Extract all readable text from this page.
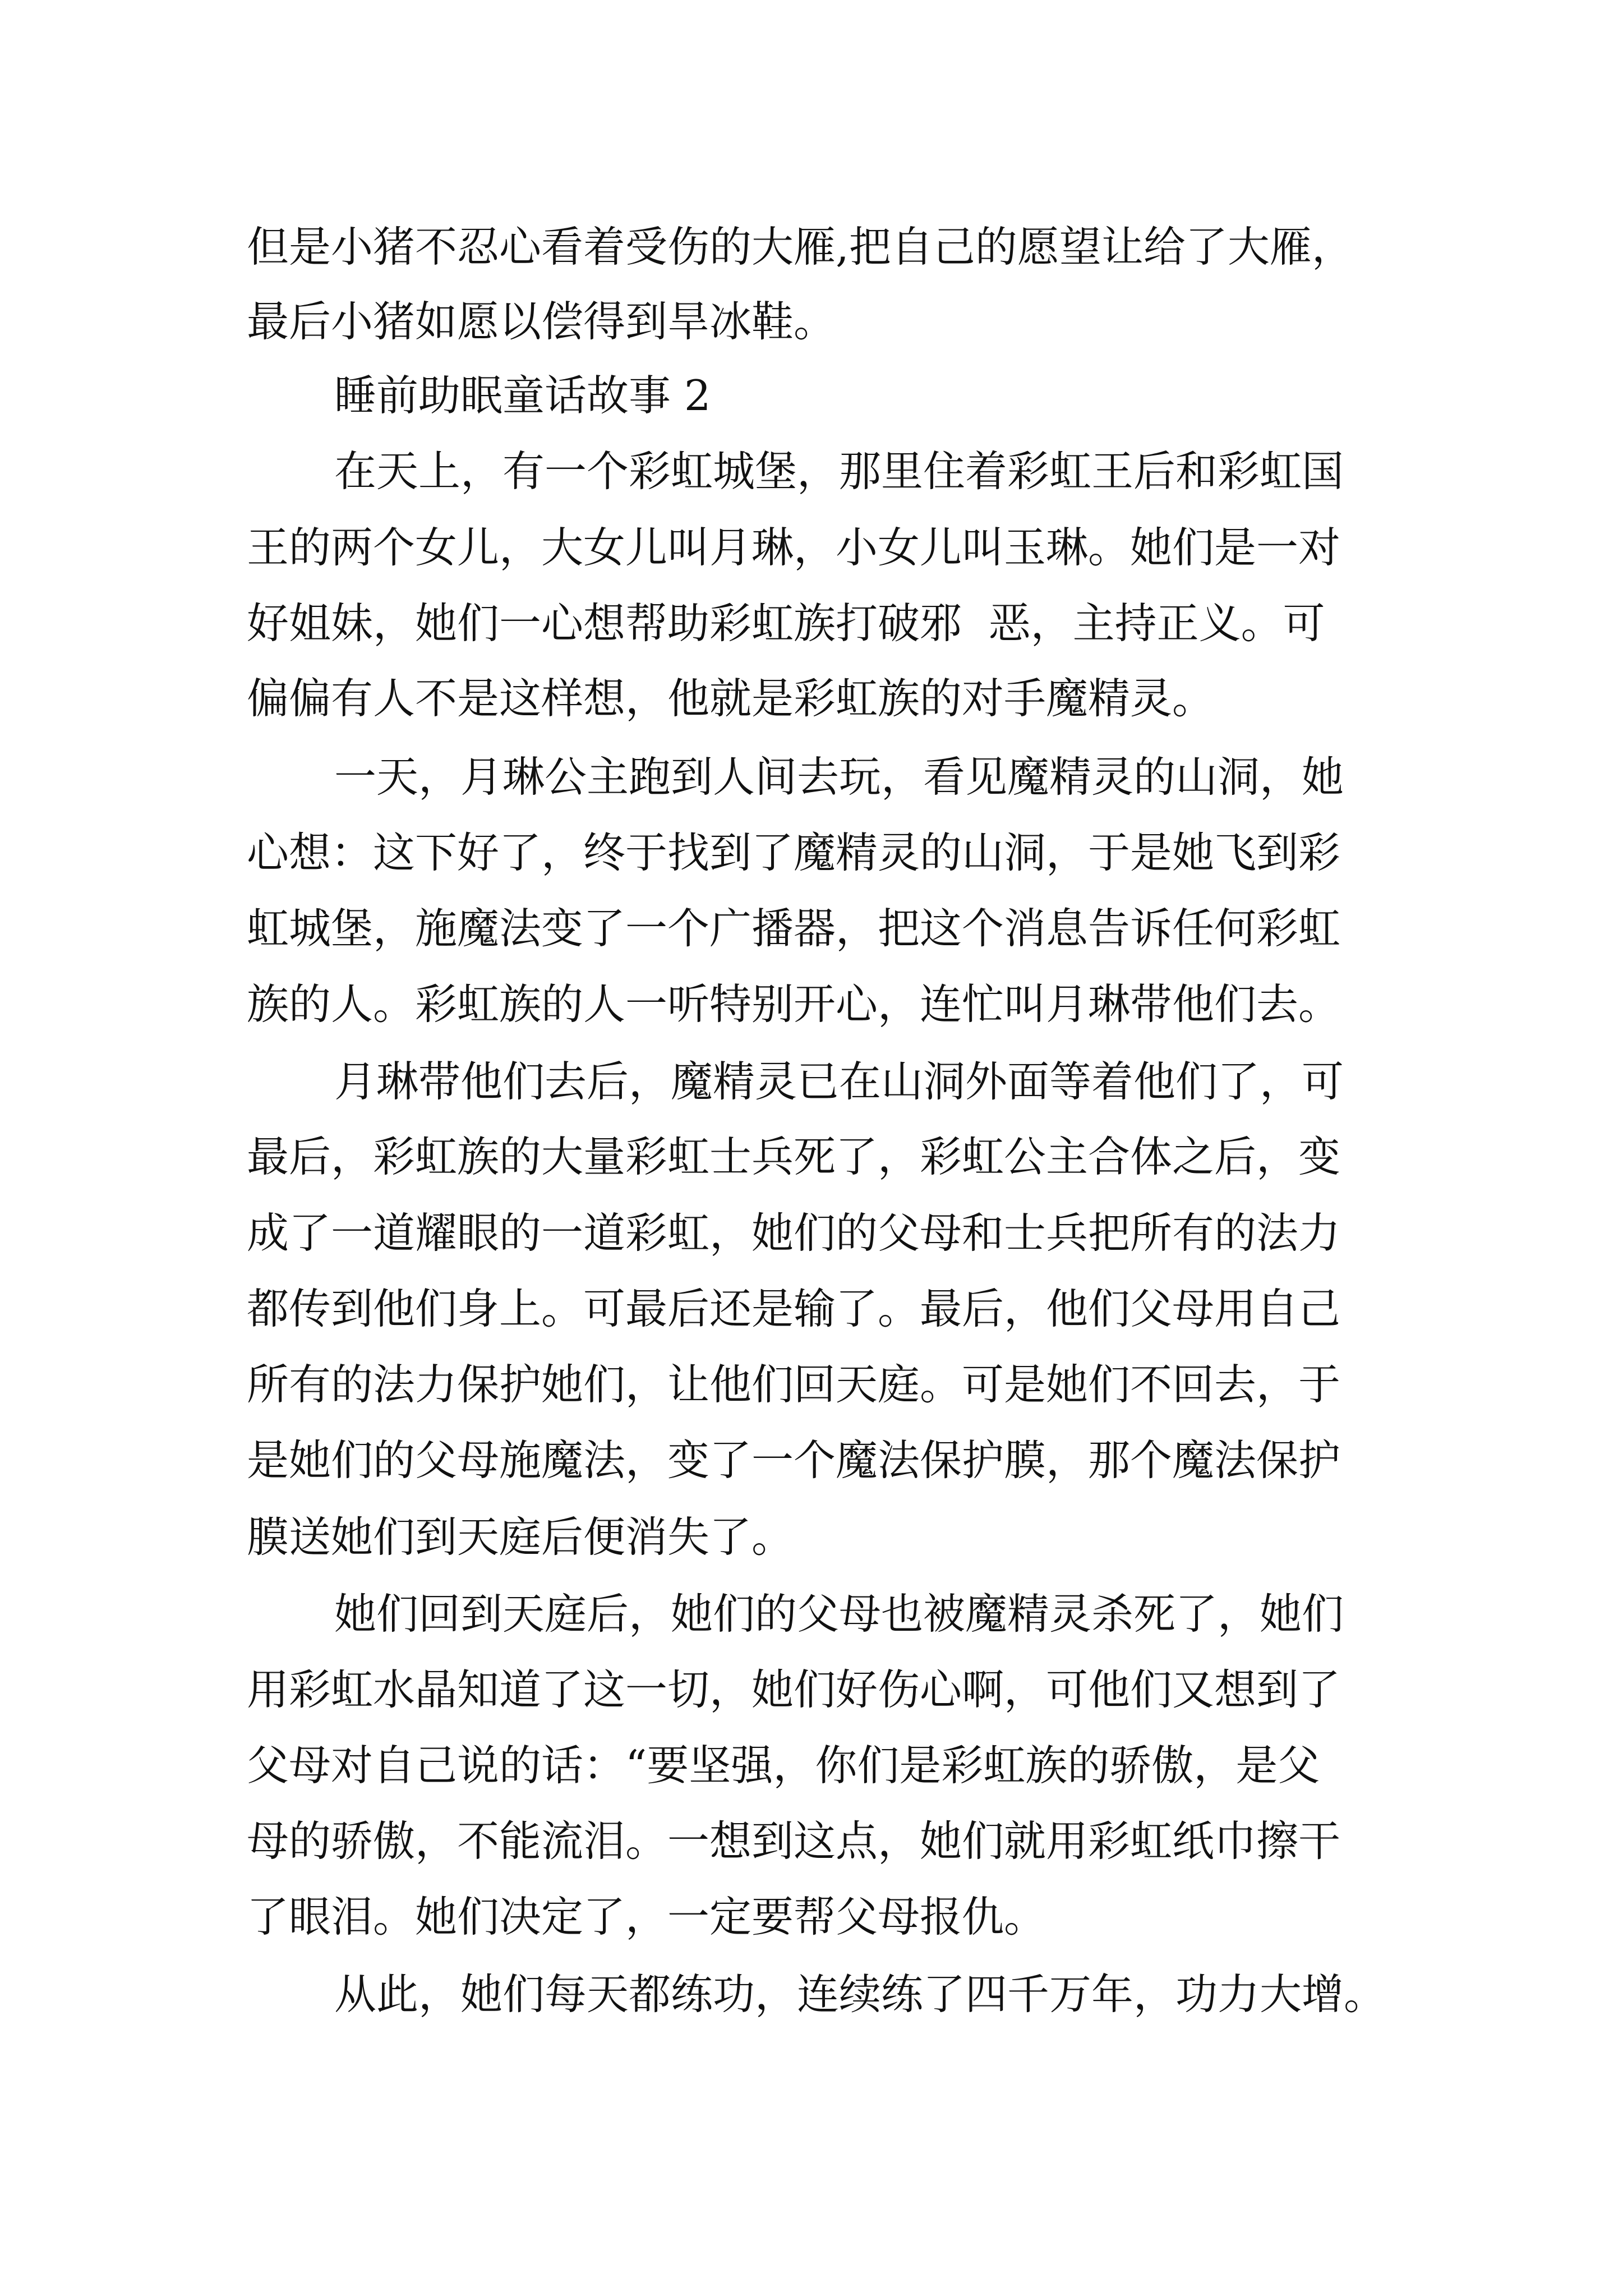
但是小猪不忍心看着受伤的大雁,把自己的愿望让给了大雁，

最后小猪如愿以偿得到旱冰鞋。

睡前助眠童话故事 2

在天上，有一个彩虹城堡，那里住着彩虹王后和彩虹国

王的两个女儿，大女儿叫月琳，小女儿叫玉琳。她们是一对

好姐妹，她们一心想帮助彩虹族打破邪  恶，主持正义。可

偏偏有人不是这样想，他就是彩虹族的对手魔精灵。

一天，月琳公主跑到人间去玩，看见魔精灵的山洞，她

心想：这下好了，终于找到了魔精灵的山洞，于是她飞到彩

虹城堡，施魔法变了一个广播器，把这个消息告诉任何彩虹

族的人。彩虹族的人一听特别开心，连忙叫月琳带他们去。

月琳带他们去后，魔精灵已在山洞外面等着他们了，可

最后，彩虹族的大量彩虹士兵死了，彩虹公主合体之后，变

成了一道耀眼的一道彩虹，她们的父母和士兵把所有的法力

都传到他们身上。可最后还是输了。最后，他们父母用自己

所有的法力保护她们，让他们回天庭。可是她们不回去，于

是她们的父母施魔法，变了一个魔法保护膜，那个魔法保护

膜送她们到天庭后便消失了。

她们回到天庭后，她们的父母也被魔精灵杀死了，她们

用彩虹水晶知道了这一切，她们好伤心啊，可他们又想到了

父母对自己说的话：“要坚强，你们是彩虹族的骄傲，是父

母的骄傲，不能流泪。一想到这点，她们就用彩虹纸巾擦干

了眼泪。她们决定了，一定要帮父母报仇。

从此，她们每天都练功，连续练了四千万年，功力大增。
